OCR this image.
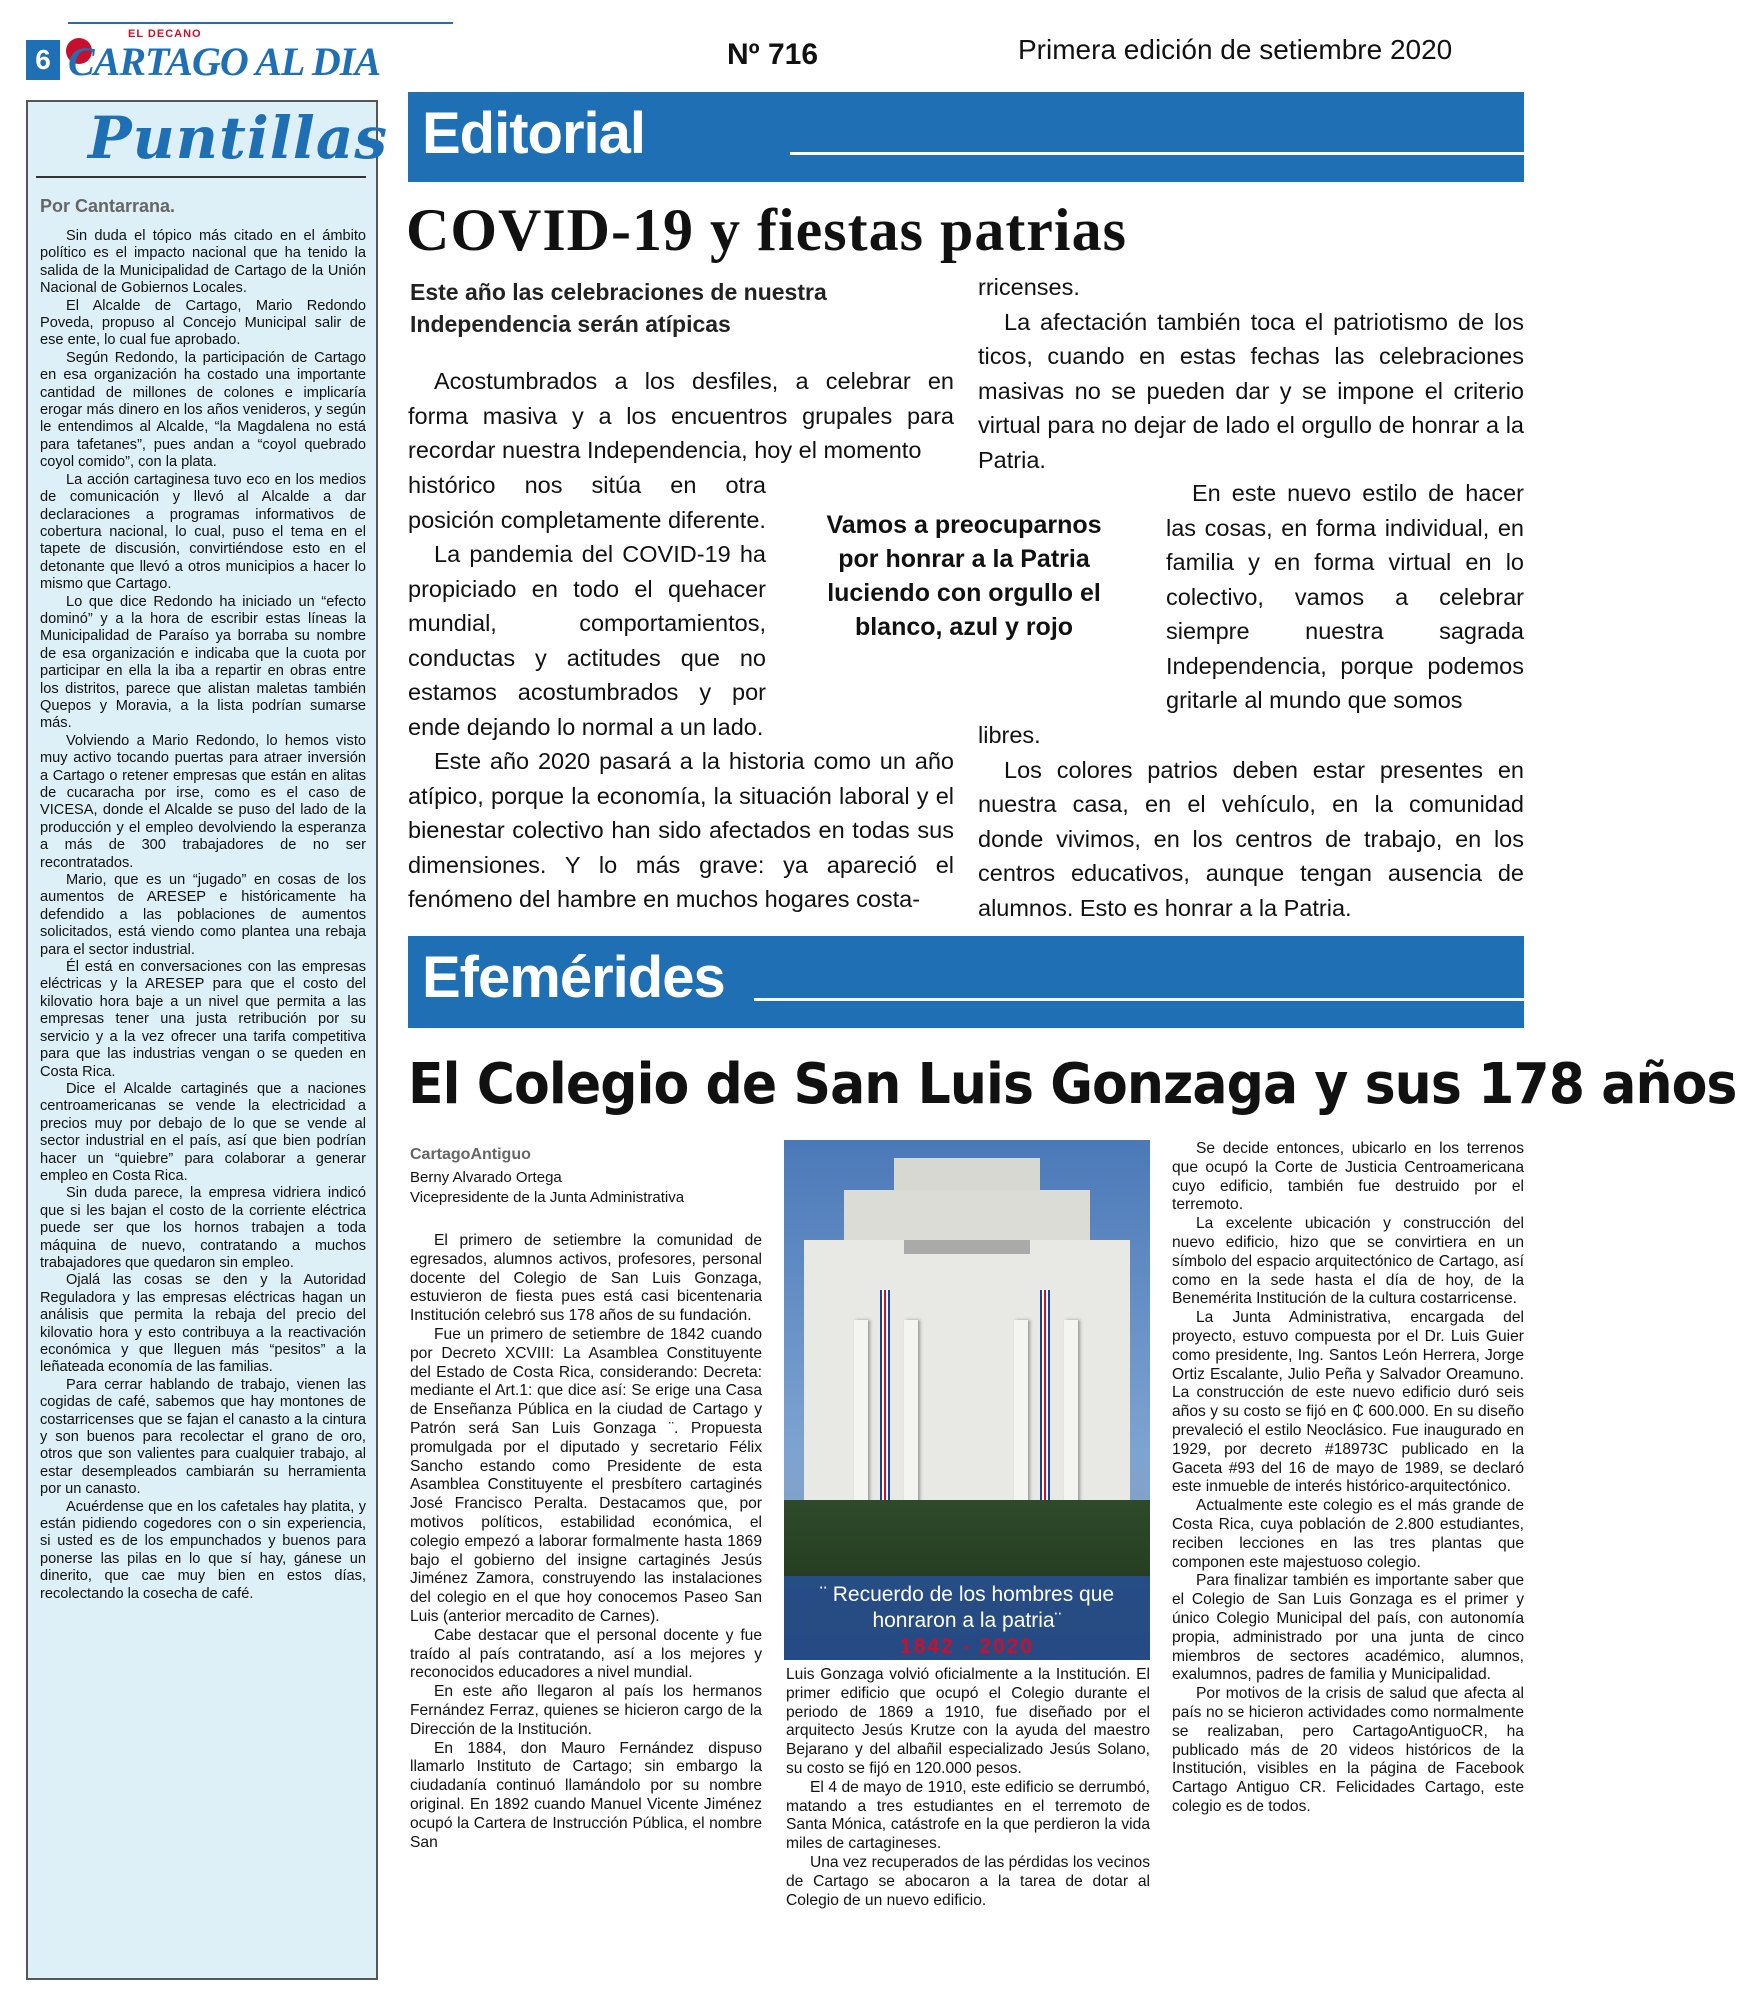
6
EL DECANO
CARTAGO AL DIA	Nº 716	Primera edición de setiembre 2020
Puntillas
Por Cantarrana.

Sin duda el tópico más citado en el ámbito político es el impacto nacional que ha tenido la salida de la Municipalidad de Cartago de la Unión Nacional de Gobiernos Locales.

El Alcalde de Cartago, Mario Redondo Poveda, propuso al Concejo Municipal salir de ese ente, lo cual fue aprobado.

Según Redondo, la participación de Cartago en esa organización ha costado una importante cantidad de millones de colones e implicaría erogar más dinero en los años venideros, y según le entendimos al Alcalde, “la Magdalena no está para tafetanes”, pues andan a “coyol quebrado coyol comido”, con la plata.

La acción cartaginesa tuvo eco en los medios de comunicación y llevó al Alcalde a dar declaraciones a programas informativos de cobertura nacional, lo cual, puso el tema en el tapete de discusión, convirtiéndose esto en el detonante que llevó a otros municipios a hacer lo mismo que Cartago.

Lo que dice Redondo ha iniciado un “efecto dominó” y a la hora de escribir estas líneas la Municipalidad de Paraíso ya borraba su nombre de esa organización e indicaba que la cuota por participar en ella la iba a repartir en obras entre los distritos, parece que alistan maletas también Quepos y Moravia, a la lista podrían sumarse más.

Volviendo a Mario Redondo, lo hemos visto muy activo tocando puertas para atraer inversión a Cartago o retener empresas que están en alitas de cucaracha por irse, como es el caso de VICESA, donde el Alcalde se puso del lado de la producción y el empleo devolviendo la esperanza a más de 300 trabajadores de no ser recontratados.

Mario, que es un “jugado” en cosas de los aumentos de ARESEP e históricamente ha defendido a las poblaciones de aumentos solicitados, está viendo como plantea una rebaja para el sector industrial.

Él está en conversaciones con las empresas eléctricas y la ARESEP para que el costo del kilovatio hora baje a un nivel que permita a las empresas tener una justa retribución por su servicio y a la vez ofrecer una tarifa competitiva para que las industrias vengan o se queden en Costa Rica.

Dice el Alcalde cartaginés que a naciones centroamericanas se vende la electricidad a precios muy por debajo de lo que se vende al sector industrial en el país, así que bien podrían hacer un “quiebre” para colaborar a generar empleo en Costa Rica.

Sin duda parece, la empresa vidriera indicó que si les bajan el costo de la corriente eléctrica puede ser que los hornos trabajen a toda máquina de nuevo, contratando a muchos trabajadores que quedaron sin empleo.

Ojalá las cosas se den y la Autoridad Reguladora y las empresas eléctricas hagan un análisis que permita la rebaja del precio del kilovatio hora y esto contribuya a la reactivación económica y que lleguen más “pesitos” a la leñateada economía de las familias.

Para cerrar hablando de trabajo, vienen las cogidas de café, sabemos que hay montones de costarricenses que se fajan el canasto a la cintura y son buenos para recolectar el grano de oro, otros que son valientes para cualquier trabajo, al estar desempleados cambiarán su herramienta por un canasto.

Acuérdense que en los cafetales hay platita, y están pidiendo cogedores con o sin experiencia, si usted es de los empunchados y buenos para ponerse las pilas en lo que sí hay, gánese un dinerito, que cae muy bien en estos días, recolectando la cosecha de café.

Editorial
COVID-19 y fiestas patrias
Este año las celebraciones de nuestra Independencia serán atípicas

Acostumbrados a los desfiles, a celebrar en forma masiva y a los encuentros grupales para recordar nuestra Independencia, hoy el momento

histórico nos sitúa en otra posición completamente diferente.

La pandemia del COVID-19 ha propiciado en todo el quehacer mundial, comportamientos, conductas y actitudes que no estamos acostumbrados y por ende dejando lo normal a un lado.

Este año 2020 pasará a la historia como un año atípico, porque la economía, la situación laboral y el bienestar colectivo han sido afectados en todas sus dimensiones. Y lo más grave: ya apareció el fenómeno del hambre en muchos hogares costa-

rricenses.

La afectación también toca el patriotismo de los ticos, cuando en estas fechas las celebraciones masivas no se pueden dar y se impone el criterio virtual para no dejar de lado el orgullo de honrar a la Patria.

En este nuevo estilo de hacer las cosas, en forma individual, en familia y en forma virtual en lo colectivo, vamos a celebrar siempre nuestra sagrada Independencia, porque podemos gritarle al mundo que somos

libres.

Los colores patrios deben estar presentes en nuestra casa, en el vehículo, en la comunidad donde vivimos, en los centros de trabajo, en los centros educativos, aunque tengan ausencia de alumnos. Esto es honrar a la Patria.

Vamos a preocuparnos por honrar a la Patria luciendo con orgullo el blanco, azul y rojo
Efemérides
El Colegio de San Luis Gonzaga y sus 178 años
CartagoAntiguo
Berny Alvarado Ortega
Vicepresidente de la Junta Administrativa

El primero de setiembre la comunidad de egresados, alumnos activos, profesores, personal docente del Colegio de San Luis Gonzaga, estuvieron de fiesta pues está casi bicentenaria Institución celebró sus 178 años de su fundación.

Fue un primero de setiembre de 1842 cuando por Decreto XCVIII: La Asamblea Constituyente del Estado de Costa Rica, considerando: Decreta: mediante el Art.1: que dice así: Se erige una Casa de Enseñanza Pública en la ciudad de Cartago y Patrón será San Luis Gonzaga ¨. Propuesta promulgada por el diputado y secretario Félix Sancho estando como Presidente de esta Asamblea Constituyente el presbítero cartaginés José Francisco Peralta. Destacamos que, por motivos políticos, estabilidad económica, el colegio empezó a laborar formalmente hasta 1869 bajo el gobierno del insigne cartaginés Jesús Jiménez Zamora, construyendo las instalaciones del colegio en el que hoy conocemos Paseo San Luis (anterior mercadito de Carnes).

Cabe destacar que el personal docente y fue traído al país contratando, así a los mejores y reconocidos educadores a nivel mundial.

En este año llegaron al país los hermanos Fernández Ferraz, quienes se hicieron cargo de la Dirección de la Institución.

En 1884, don Mauro Fernández dispuso llamarlo Instituto de Cartago; sin embargo la ciudadanía continuó llamándolo por su nombre original. En 1892 cuando Manuel Vicente Jiménez ocupó la Cartera de Instrucción Pública, el nombre San

¨ Recuerdo de los hombres que honraron a la patria¨
1842 - 2020

Luis Gonzaga volvió oficialmente a la Institución. El primer edificio que ocupó el Colegio durante el periodo de 1869 a 1910, fue diseñado por el arquitecto Jesús Krutze con la ayuda del maestro Bejarano y del albañil especializado Jesús Solano, su costo se fijó en 120.000 pesos.

El 4 de mayo de 1910, este edificio se derrumbó, matando a tres estudiantes en el terremoto de Santa Mónica, catástrofe en la que perdieron la vida miles de cartagineses.

Una vez recuperados de las pérdidas los vecinos de Cartago se abocaron a la tarea de dotar al Colegio de un nuevo edificio.

Se decide entonces, ubicarlo en los terrenos que ocupó la Corte de Justicia Centroamericana cuyo edificio, también fue destruido por el terremoto.

La excelente ubicación y construcción del nuevo edificio, hizo que se convirtiera en un símbolo del espacio arquitectónico de Cartago, así como en la sede hasta el día de hoy, de la Benemérita Institución de la cultura costarricense.

La Junta Administrativa, encargada del proyecto, estuvo compuesta por el Dr. Luis Guier como presidente, Ing. Santos León Herrera, Jorge Ortiz Escalante, Julio Peña y Salvador Oreamuno. La construcción de este nuevo edificio duró seis años y su costo se fijó en ₵ 600.000. En su diseño prevaleció el estilo Neoclásico. Fue inaugurado en 1929, por decreto #18973C publicado en la Gaceta #93 del 16 de mayo de 1989, se declaró este inmueble de interés histórico-arquitectónico.

Actualmente este colegio es el más grande de Costa Rica, cuya población de 2.800 estudiantes, reciben lecciones en las tres plantas que componen este majestuoso colegio.

Para finalizar también es importante saber que el Colegio de San Luis Gonzaga es el primer y único Colegio Municipal del país, con autonomía propia, administrado por una junta de cinco miembros de sectores académico, alumnos, exalumnos, padres de familia y Municipalidad.

Por motivos de la crisis de salud que afecta al país no se hicieron actividades como normalmente se realizaban, pero CartagoAntiguoCR, ha publicado más de 20 videos históricos de la Institución, visibles en la página de Facebook Cartago Antiguo CR. Felicidades Cartago, este colegio es de todos.
